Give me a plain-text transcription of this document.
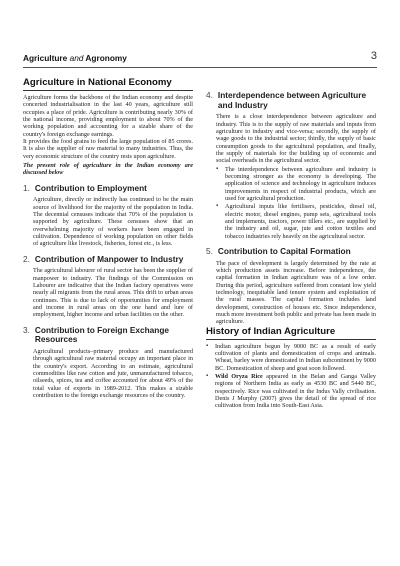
Agriculture and Agronomy	3
Agriculture in National Economy

Agriculture forms the backbone of the Indian economy and despite concerted industrialisation in the last 40 years, agriculture still occupies a place of pride. Agriculture is contributing nearly 30% of the national income, providing employment to about 70% of the working population and accounting for a sizable share of the country's foreign exchange earnings.

It provides the food grains to feed the large population of 85 crores. It is also the supplier of raw material to many industries. Thus, the very economic structure of the country rests upon agriculture.

The present role of agriculture in the Indian economy are discussed below

1. Contribution to Employment

Agriculture, directly or indirectly has continued to be the main source of livelihood for the majority of the population in India. The decennial censuses indicate that 70% of the population is supported by agriculture. These censuses show that an overwhelming majority of workers have been engaged in cultivation. Dependence of working population on other fields of agriculture like livestock, fisheries, forest etc., is less.

2. Contribution of Manpower to Industry

The agricultural labourer of rural sector has been the supplier of manpower to industry. The findings of the Commission on Labourer are indicative that the Indian factory operatives were nearly all migrants from the rural areas. This drift to urban areas continues. This is due to lack of opportunities for employment and income in rural areas on the one hand and lure of employment, higher income and urban facilities on the other.

3. Contribution to Foreign Exchange Resources

Agricultural products–primary produce and manufactured through agricultural raw material occupy an important place in the country's export. According to an estimate, agricultural commodities like raw cotton and jute, unmanufactured tobacco, oilseeds, spices, tea and coffee accounted for about 49% of the total value of exports in 1989-2012. This makes a sizable contribution to the foreign exchange resources of the country.

4. Interdependence between Agriculture and Industry

There is a close interdependence between agriculture and industry. This is to the supply of raw materials and inputs from agriculture to industry and vice-versa; secondly, the supply of wage goods to the industrial sector; thirdly, the supply of basic consumption goods to the agricultural population, and finally, the supply of materials for the building up of economic and social overheads in the agricultural sector.

▪ The interdependence between agriculture and industry is becoming stronger as the economy is developing. The application of science and technology in agriculture induces improvements in respect of industrial products, which are used for agricultural production.
▪ Agricultural inputs like fertilisers, pesticides, diesel oil, electric motor, diesel engines, pump sets, agricultural tools and implements, tractors, power tillers etc., are supplied by the industry and oil, sugar, jute and cotton textiles and tobacco industries rely heavily on the agricultural sector.
5. Contribution to Capital Formation

The pace of development is largely determined by the rate at which production assets increase. Before independence, the capital formation in Indian agriculture was of a low order. During this period, agriculture suffered from constant low yield technology, inequitable land tenure system and exploitation of the rural masses. The capital formation includes land development, construction of houses etc. Since independence, much more investment both public and private has been made in agriculture.

History of Indian Agriculture
▪ Indian agriculture begun by 9000 BC as a result of early cultivation of plants and domestication of crops and animals. Wheat, barley were domesticated in Indian subcontinent by 9000 BC. Domestication of sheep and goat soon followed.
▪ Wild Oryza Rice appeared in the Belan and Ganga Valley regions of Northern India as early as 4530 BC and 5440 BC, respectively. Rice was cultivated in the Indus Vally civilisation. Denis J Murphy (2007) gives the detail of the spread of rice cultivation from India into South-East Asia.
